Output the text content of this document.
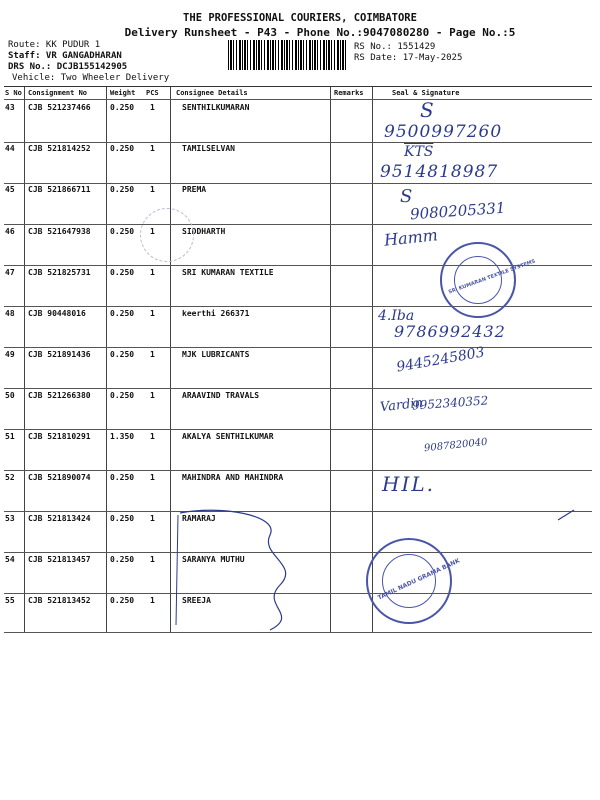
THE PROFESSIONAL COURIERS, COIMBATORE
Delivery Runsheet - P43 - Phone No.:9047080280 - Page No.:5
Route: KK PUDUR 1
Staff: VR GANGADHARAN
DRS No.: DCJB155142905
Vehicle: Two Wheeler Delivery
RS No.: 1551429
RS Date: 17-May-2025
S No Consignment No	Weight PCS Consignee Details	Remarks	Seal & Signature
43 CJB 521237466 0.250 1	SENTHILKUMARAN
44 CJB 521814252 0.250 1	TAMILSELVAN
45 CJB 521866711 0.250 1	PREMA
46 CJB 521647938 0.250 1	SIDDHARTH
47 CJB 521825731 0.250 1	SRI KUMARAN TEXTILE
48 CJB 90448016	0.250 1	keerthi 266371
49 CJB 521891436 0.250 1	MJK LUBRICANTS
50 CJB 521266380 0.250 1	ARAAVIND TRAVALS
51 CJB 521810291 1.350 1	AKALYA SENTHILKUMAR
52 CJB 521890074 0.250 1	MAHINDRA AND MAHINDRA
53 CJB 521813424 0.250 1	RAMARAJ
54 CJB 521813457 0.250 1	SARANYA MUTHU
55 CJB 521813452 0.250 1	SREEJA
S
9500997260
$\overline{KTS}$
9514818987
S
9080205331
Hamm
4.Iba
9786992432
9445245803
Vardin
9952340352
9087820040
HIL.
SRI KUMARAN TEXTILE SYSTEMS
TAMIL NADU GRAMA BANK
